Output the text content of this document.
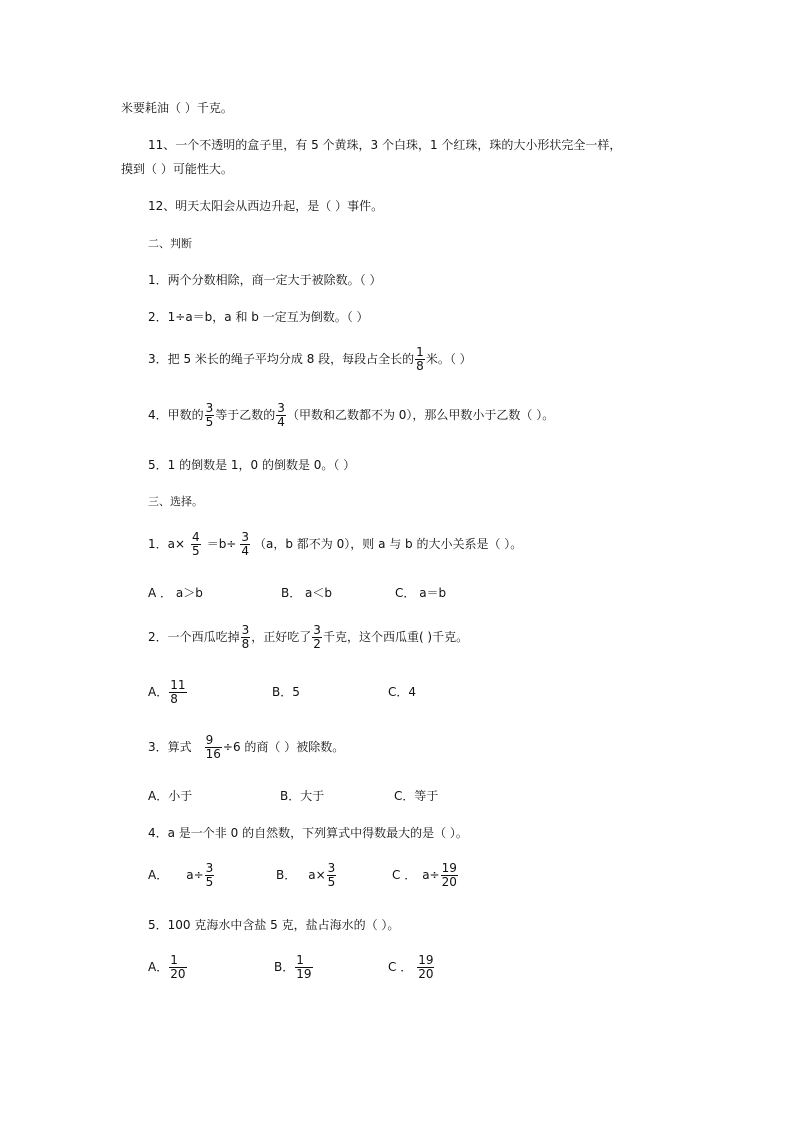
米要耗油（ ）千克。
11、一个不透明的盒子里，有 5 个黄珠，3 个白珠，1 个红珠，珠的大小形状完全一样，
摸到（ ）可能性大。
12、明天太阳会从西边升起，是（ ）事件。
二、判断
1．两个分数相除，商一定大于被除数。（ ）
2．1÷a＝b，a 和 b 一定互为倒数。（ ）
3．把 5 米长的绳子平均分成 8 段，每段占全长的 $\frac{1}{8}$ 米。（ ）
4．甲数的 $\frac{3}{5}$ 等于乙数的 $\frac{3}{4}$ （甲数和乙数都不为 0），那么甲数小于乙数（ ）。
5．1 的倒数是 1，0 的倒数是 0。（ ）
三、选择。
1．$a\times \frac{4}{5} =b\div \frac{3}{4} (a$，b 都不为 0），则 a 与 b 的大小关系是（ ）。
A ． a＞b	B． a＜b	C． a＝b
2．一个西瓜吃掉 $\frac{3}{8}$ ，正好吃了 $\frac{3}{2}$ 千克，这个西瓜重( )千克。
A． $\frac{11}{8}$	B．5	C．4
3．算式 $\frac{9}{16} \div 6$ 的商（ ）被除数。
A．小于	B．大于	C．等于
4．a 是一个非 0 的自然数，下列算式中得数最大的是（ ）。
A． $a\div \frac{3}{5}$	B． $a\times \frac{3}{5}$	C ． $a\div \frac{19}{20}$
5．100 克海水中含盐 5 克，盐占海水的（ ）。
A． $\frac{1}{20}$	B． $\frac{1}{19}$	C ． $\frac{19}{20}$
